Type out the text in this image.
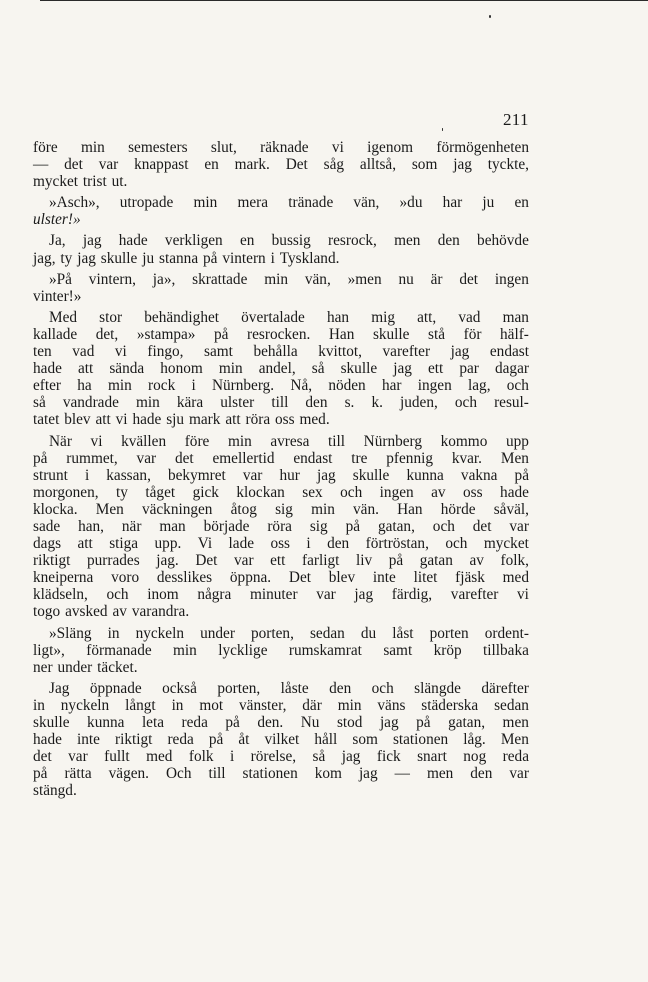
211
före min semesters slut, räknade vi igenom förmögenheten
— det var knappast en mark. Det såg alltså, som jag tyckte,
mycket trist ut.
»Asch», utropade min mera tränade vän, »du har ju en
ulster!»
Ja, jag hade verkligen en bussig resrock, men den behövde
jag, ty jag skulle ju stanna på vintern i Tyskland.
»På vintern, ja», skrattade min vän, »men nu är det ingen
vinter!»
Med stor behändighet övertalade han mig att, vad man
kallade det, »stampa» på resrocken. Han skulle stå för hälf-
ten vad vi fingo, samt behålla kvittot, varefter jag endast
hade att sända honom min andel, så skulle jag ett par dagar
efter ha min rock i Nürnberg. Nå, nöden har ingen lag, och
så vandrade min kära ulster till den s. k. juden, och resul-
tatet blev att vi hade sju mark att röra oss med.
När vi kvällen före min avresa till Nürnberg kommo upp
på rummet, var det emellertid endast tre pfennig kvar. Men
strunt i kassan, bekymret var hur jag skulle kunna vakna på
morgonen, ty tåget gick klockan sex och ingen av oss hade
klocka. Men väckningen åtog sig min vän. Han hörde såväl,
sade han, när man började röra sig på gatan, och det var
dags att stiga upp. Vi lade oss i den förtröstan, och mycket
riktigt purrades jag. Det var ett farligt liv på gatan av folk,
kneiperna voro desslikes öppna. Det blev inte litet fjäsk med
klädseln, och inom några minuter var jag färdig, varefter vi
togo avsked av varandra.
»Släng in nyckeln under porten, sedan du låst porten ordent-
ligt», förmanade min lycklige rumskamrat samt kröp tillbaka
ner under täcket.
Jag öppnade också porten, låste den och slängde därefter
in nyckeln långt in mot vänster, där min väns städerska sedan
skulle kunna leta reda på den. Nu stod jag på gatan, men
hade inte riktigt reda på åt vilket håll som stationen låg. Men
det var fullt med folk i rörelse, så jag fick snart nog reda
på rätta vägen. Och till stationen kom jag — men den var
stängd.
